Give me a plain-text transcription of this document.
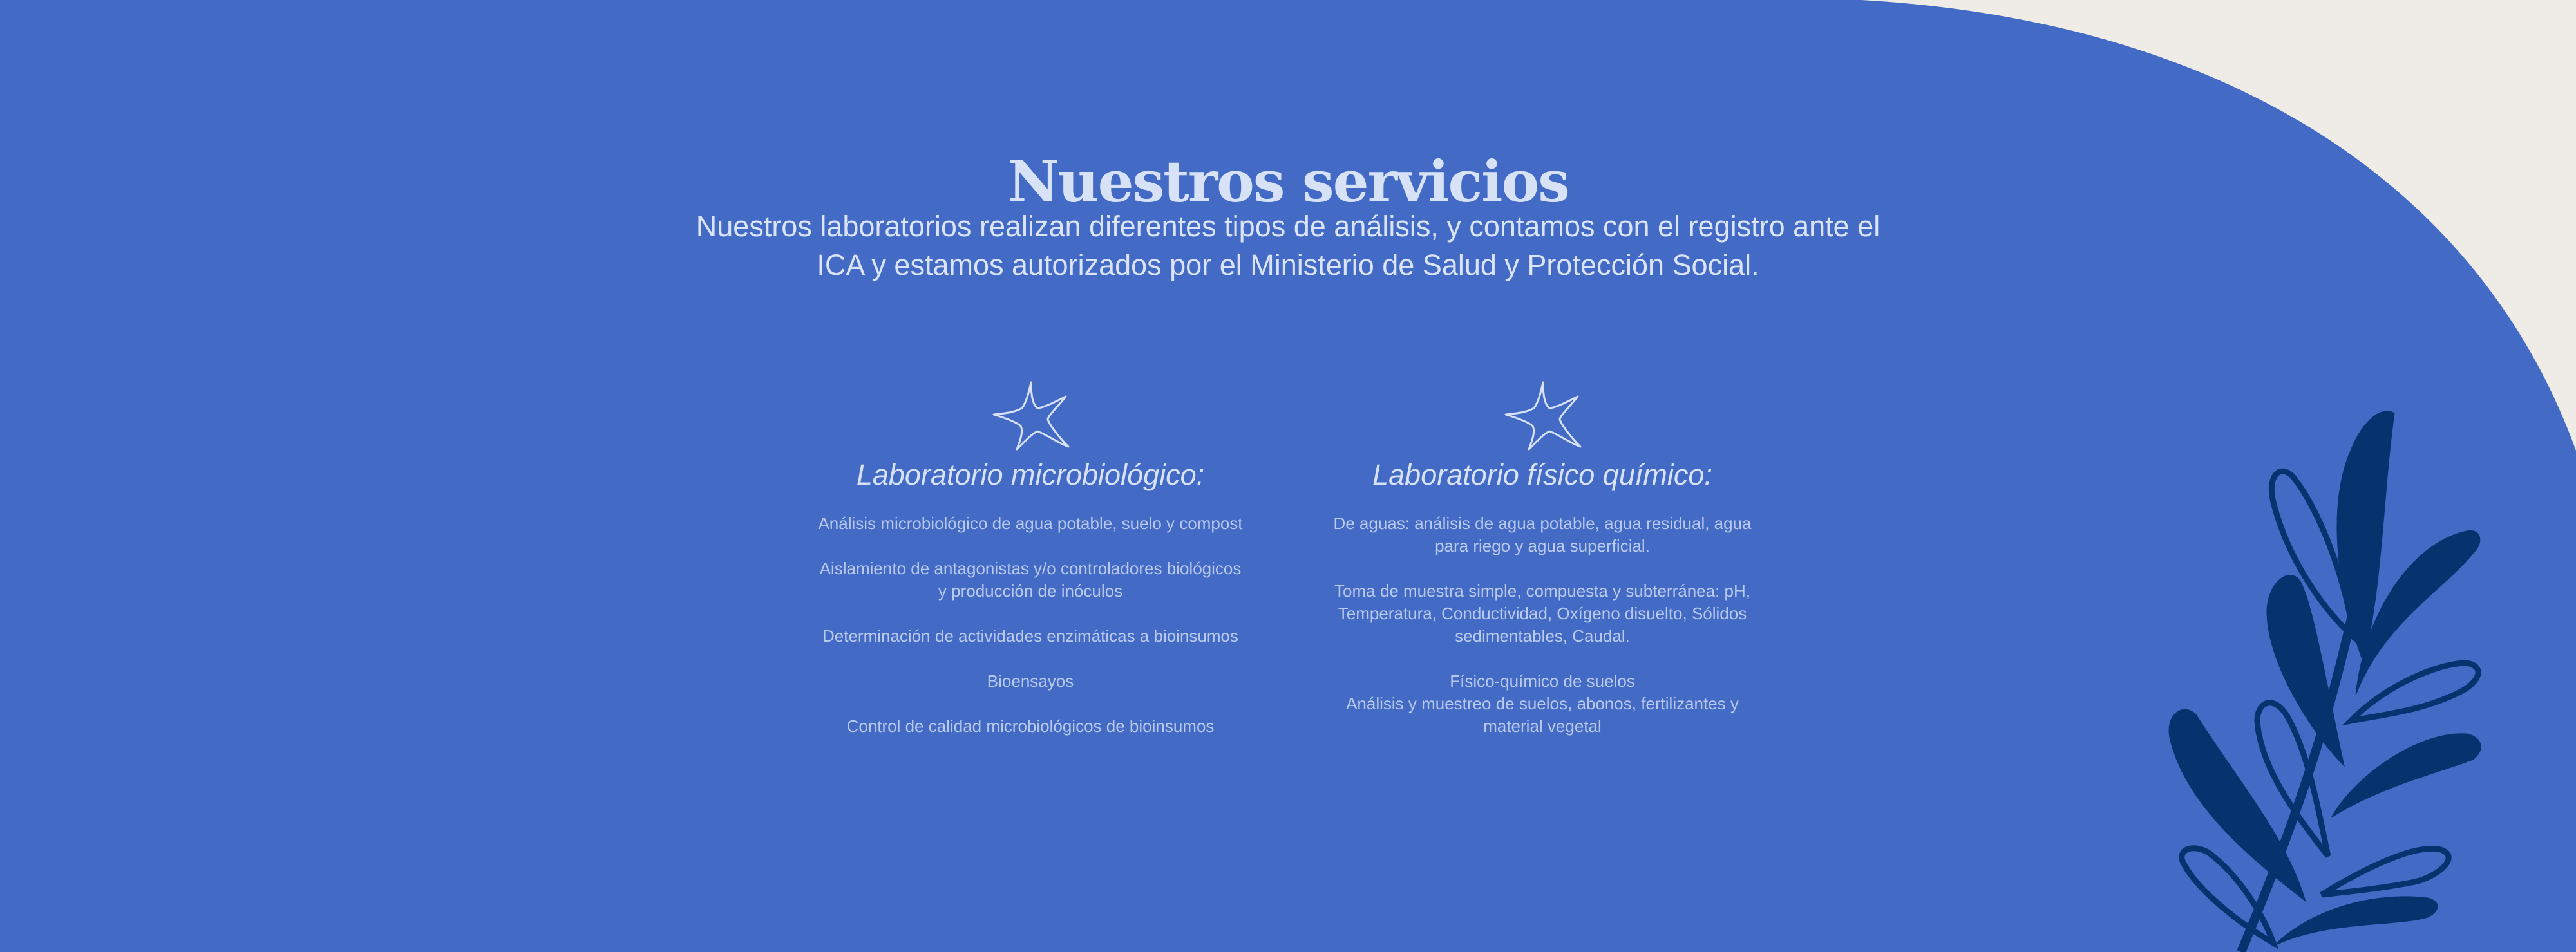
Nuestros servicios

Nuestros laboratorios realizan diferentes tipos de análisis, y contamos con el registro ante el ICA y estamos autorizados por el Ministerio de Salud y Protección Social.

Laboratorio microbiológico:
Análisis microbiológico de agua potable, suelo y compost
Aislamiento de antagonistas y/o controladores biológicos y producción de inóculos
Determinación de actividades enzimáticas a bioinsumos
Bioensayos
Control de calidad microbiológicos de bioinsumos
Laboratorio físico químico:
De aguas: análisis de agua potable, agua residual, agua para riego y agua superficial.
Toma de muestra simple, compuesta y subterránea: pH, Temperatura, Conductividad, Oxígeno disuelto, Sólidos sedimentables, Caudal.
Físico-químico de suelos
Análisis y muestreo de suelos, abonos, fertilizantes y material vegetal
